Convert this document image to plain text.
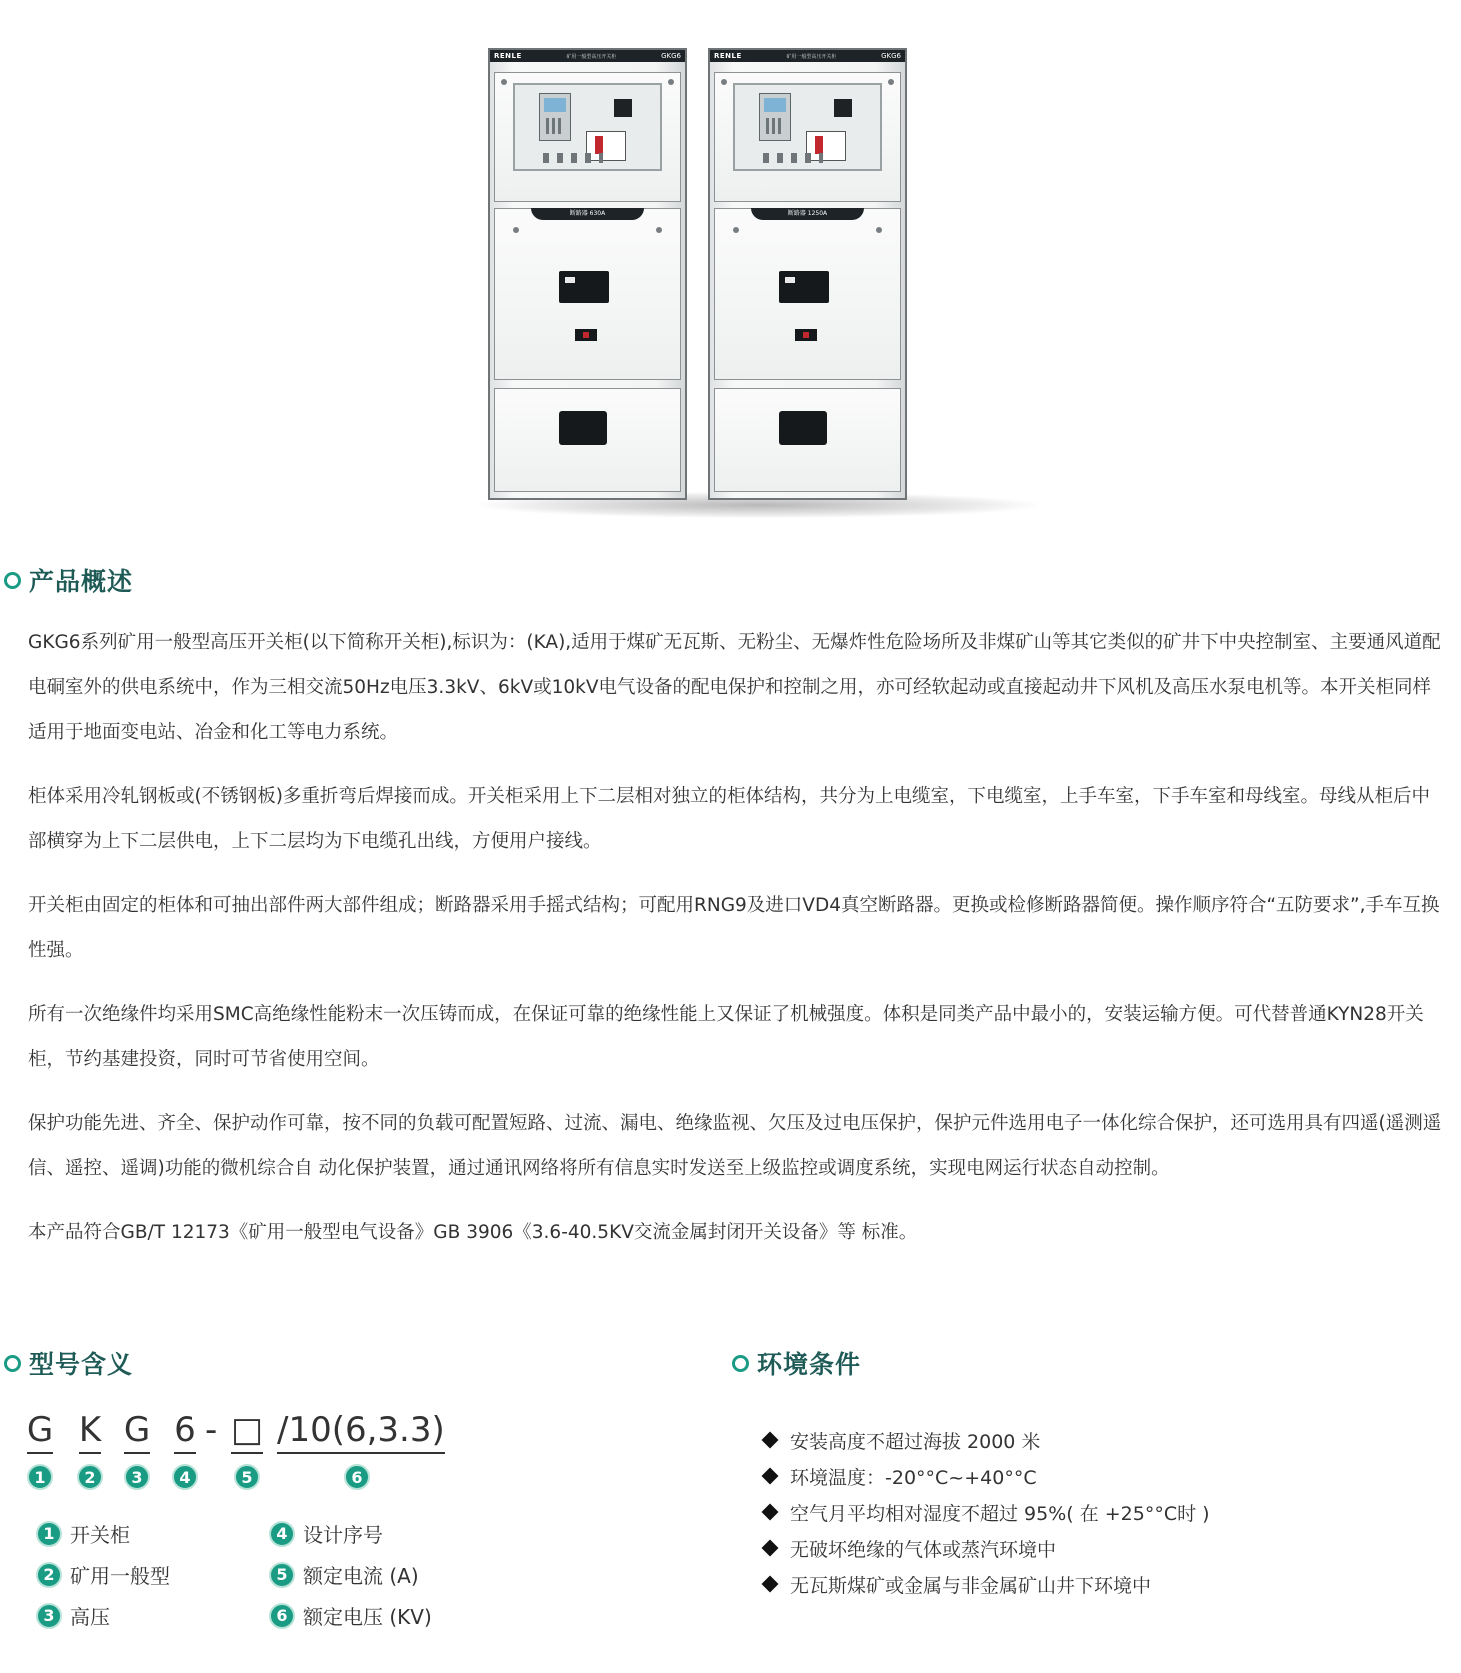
RENLE	矿用一般型高压开关柜	GKG6
断路器 630A
RENLE	矿用一般型高压开关柜	GKG6
断路器 1250A
产品概述

GKG6系列矿用一般型高压开关柜(以下简称开关柜),标识为：(KA),适用于煤矿无瓦斯、无粉尘、无爆炸性危险场所及非煤矿山等其它类似的矿井下中央控制室、主要通风道配电硐室外的供电系统中，作为三相交流50Hz电压3.3kV、6kV或10kV电气设备的配电保护和控制之用，亦可经软起动或直接起动井下风机及高压水泵电机等。本开关柜同样适用于地面变电站、冶金和化工等电力系统。

柜体采用冷轧钢板或(不锈钢板)多重折弯后焊接而成。开关柜采用上下二层相对独立的柜体结构，共分为上电缆室，下电缆室，上手车室，下手车室和母线室。母线从柜后中部横穿为上下二层供电，上下二层均为下电缆孔出线，方便用户接线。

开关柜由固定的柜体和可抽出部件两大部件组成；断路器采用手摇式结构；可配用RNG9及进口VD4真空断路器。更换或检修断路器简便。操作顺序符合“五防要求”,手车互换性强。

所有一次绝缘件均采用SMC高绝缘性能粉末一次压铸而成，在保证可靠的绝缘性能上又保证了机械强度。体积是同类产品中最小的，安装运输方便。可代替普通KYN28开关柜，节约基建投资，同时可节省使用空间。

保护功能先进、齐全、保护动作可靠，按不同的负载可配置短路、过流、漏电、绝缘监视、欠压及过电压保护，保护元件选用电子一体化综合保护，还可选用具有四遥(遥测遥信、遥控、遥调)功能的微机综合自 动化保护装置，通过通讯网络将所有信息实时发送至上级监控或调度系统，实现电网运行状态自动控制。

本产品符合GB/T 12173《矿用一般型电气设备》GB 3906《3.6-40.5KV交流金属封闭开关设备》等 标准。

型号含义
G
1
K
2
G
3
6
4
- □
5
/10(6,3.3)
6
1 开关柜
2 矿用一般型
3 高压
4 设计序号
5 额定电流 (A)
6 额定电压 (KV)
环境条件
安装高度不超过海拔 2000 米
环境温度：-20°°C~+40°°C
空气月平均相对湿度不超过 95%( 在 +25°°C时 )
无破坏绝缘的气体或蒸汽环境中
无瓦斯煤矿或金属与非金属矿山井下环境中
